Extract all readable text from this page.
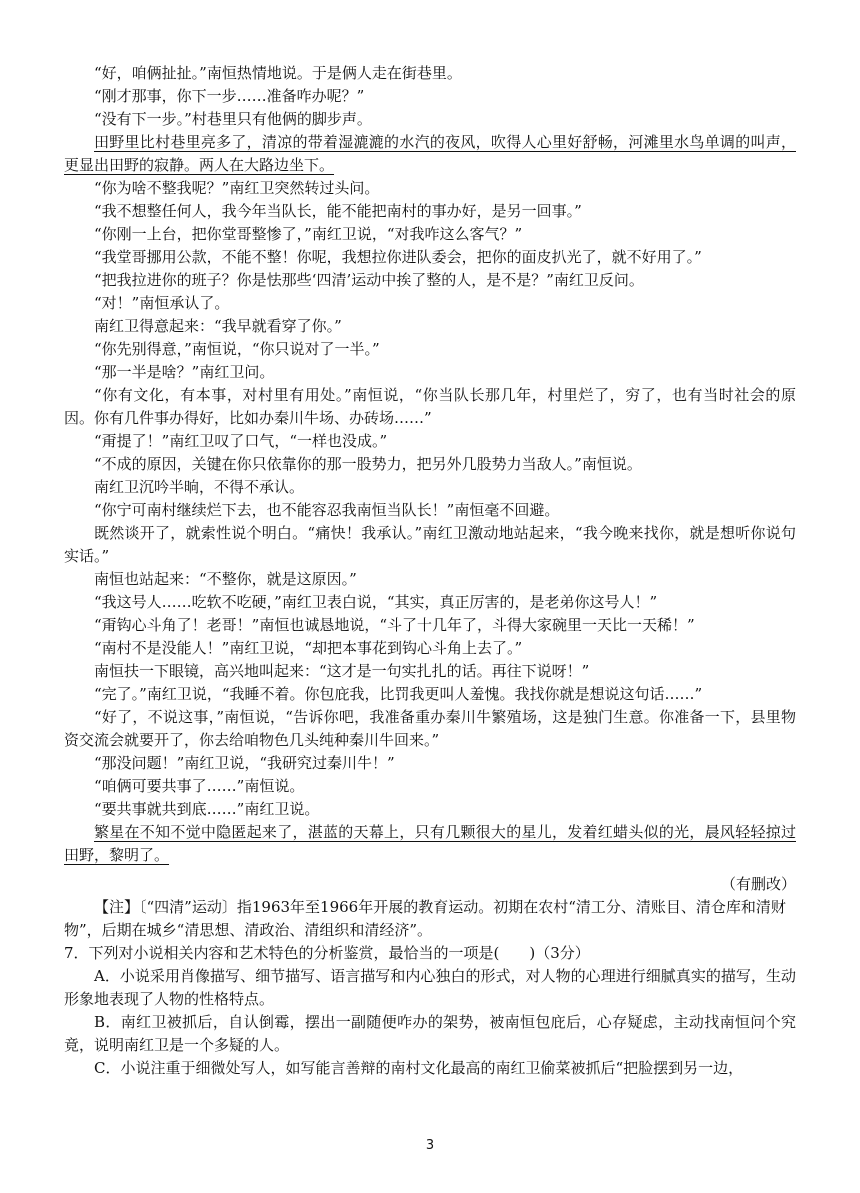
“好，咱俩扯扯。”南恒热情地说。于是俩人走在街巷里。

“刚才那事，你下一步……准备咋办呢？”

“没有下一步。”村巷里只有他俩的脚步声。

田野里比村巷里亮多了，清凉的带着湿漉漉的水汽的夜风，吹得人心里好舒畅，河滩里水鸟单调的叫声，更显出田野的寂静。两人在大路边坐下。

“你为啥不整我呢？”南红卫突然转过头问。

“我不想整任何人，我今年当队长，能不能把南村的事办好，是另一回事。”

“你刚一上台，把你堂哥整惨了，”南红卫说，“对我咋这么客气？”

“我堂哥挪用公款，不能不整！你呢，我想拉你进队委会，把你的面皮扒光了，就不好用了。”

“把我拉进你的班子？你是怯那些‘四清’运动中挨了整的人，是不是？”南红卫反问。

“对！”南恒承认了。

南红卫得意起来：“我早就看穿了你。”

“你先别得意，”南恒说，“你只说对了一半。”

“那一半是啥？”南红卫问。

“你有文化，有本事，对村里有用处。”南恒说，“你当队长那几年，村里烂了，穷了，也有当时社会的原因。你有几件事办得好，比如办秦川牛场、办砖场……”

“甭提了！”南红卫叹了口气，“一样也没成。”

“不成的原因，关键在你只依靠你的那一股势力，把另外几股势力当敌人。”南恒说。

南红卫沉吟半晌，不得不承认。

“你宁可南村继续烂下去，也不能容忍我南恒当队长！”南恒毫不回避。

既然谈开了，就索性说个明白。“痛快！我承认。”南红卫激动地站起来，“我今晚来找你，就是想听你说句实话。”

南恒也站起来：“不整你，就是这原因。”

“我这号人……吃软不吃硬，”南红卫表白说，“其实，真正厉害的，是老弟你这号人！”

“甭钩心斗角了！老哥！”南恒也诚恳地说，“斗了十几年了，斗得大家碗里一天比一天稀！”

“南村不是没能人！”南红卫说，“却把本事花到钩心斗角上去了。”

南恒扶一下眼镜，高兴地叫起来：“这才是一句实扎扎的话。再往下说呀！”

“完了。”南红卫说，“我睡不着。你包庇我，比罚我更叫人羞愧。我找你就是想说这句话……”

“好了，不说这事，”南恒说，“告诉你吧，我准备重办秦川牛繁殖场，这是独门生意。你准备一下，县里物资交流会就要开了，你去给咱物色几头纯种秦川牛回来。”

“那没问题！”南红卫说，“我研究过秦川牛！”

“咱俩可要共事了……”南恒说。

“要共事就共到底……”南红卫说。

繁星在不知不觉中隐匿起来了，湛蓝的天幕上，只有几颗很大的星儿，发着红蜡头似的光，晨风轻轻掠过田野，黎明了。

（有删改）

【注】〔“四清”运动〕指1963年至1966年开展的教育运动。初期在农村“清工分、清账目、清仓库和清财物”，后期在城乡“清思想、清政治、清组织和清经济”。

7．下列对小说相关内容和艺术特色的分析鉴赏，最恰当的一项是(　　)（3分）

A．小说采用肖像描写、细节描写、语言描写和内心独白的形式，对人物的心理进行细腻真实的描写，生动形象地表现了人物的性格特点。

B．南红卫被抓后，自认倒霉，摆出一副随便咋办的架势，被南恒包庇后，心存疑虑，主动找南恒问个究竟，说明南红卫是一个多疑的人。

C．小说注重于细微处写人，如写能言善辩的南村文化最高的南红卫偷菜被抓后“把脸摆到另一边，

3
